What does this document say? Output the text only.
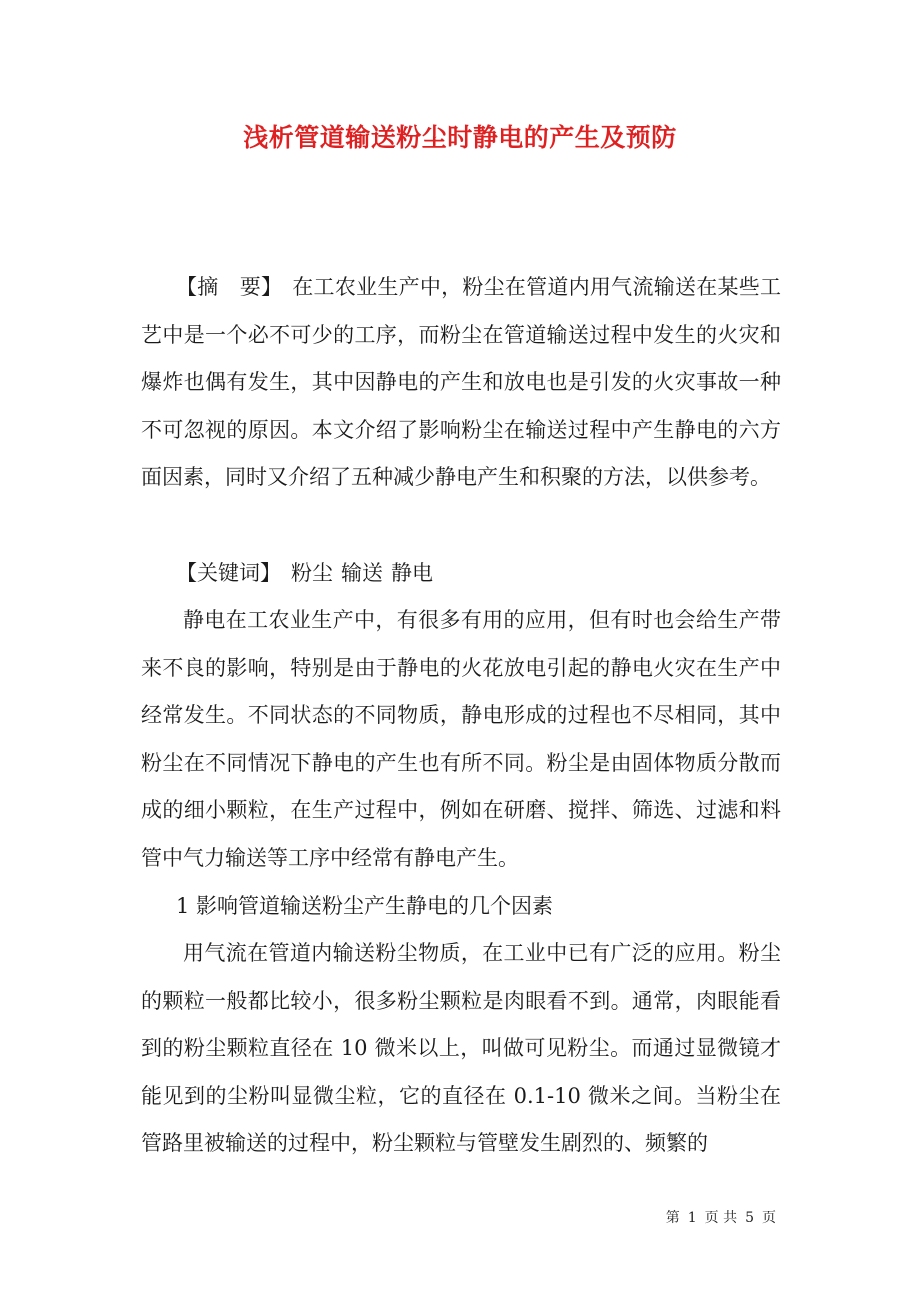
浅析管道输送粉尘时静电的产生及预防

【摘　要】 在工农业生产中，粉尘在管道内用气流输送在某些工艺中是一个必不可少的工序，而粉尘在管道输送过程中发生的火灾和爆炸也偶有发生，其中因静电的产生和放电也是引发的火灾事故一种不可忽视的原因。本文介绍了影响粉尘在输送过程中产生静电的六方面因素，同时又介绍了五种减少静电产生和积聚的方法，以供参考。

【关键词】 粉尘 输送 静电

静电在工农业生产中，有很多有用的应用，但有时也会给生产带来不良的影响，特别是由于静电的火花放电引起的静电火灾在生产中经常发生。不同状态的不同物质，静电形成的过程也不尽相同，其中粉尘在不同情况下静电的产生也有所不同。粉尘是由固体物质分散而成的细小颗粒，在生产过程中，例如在研磨、搅拌、筛选、过滤和料管中气力输送等工序中经常有静电产生。

1 影响管道输送粉尘产生静电的几个因素

用气流在管道内输送粉尘物质，在工业中已有广泛的应用。粉尘的颗粒一般都比较小，很多粉尘颗粒是肉眼看不到。通常，肉眼能看到的粉尘颗粒直径在 10 微米以上，叫做可见粉尘。而通过显微镜才能见到的尘粉叫显微尘粒，它的直径在 0.1-10 微米之间。当粉尘在管路里被输送的过程中，粉尘颗粒与管壁发生剧烈的、频繁的

第 1 页 共 5 页
